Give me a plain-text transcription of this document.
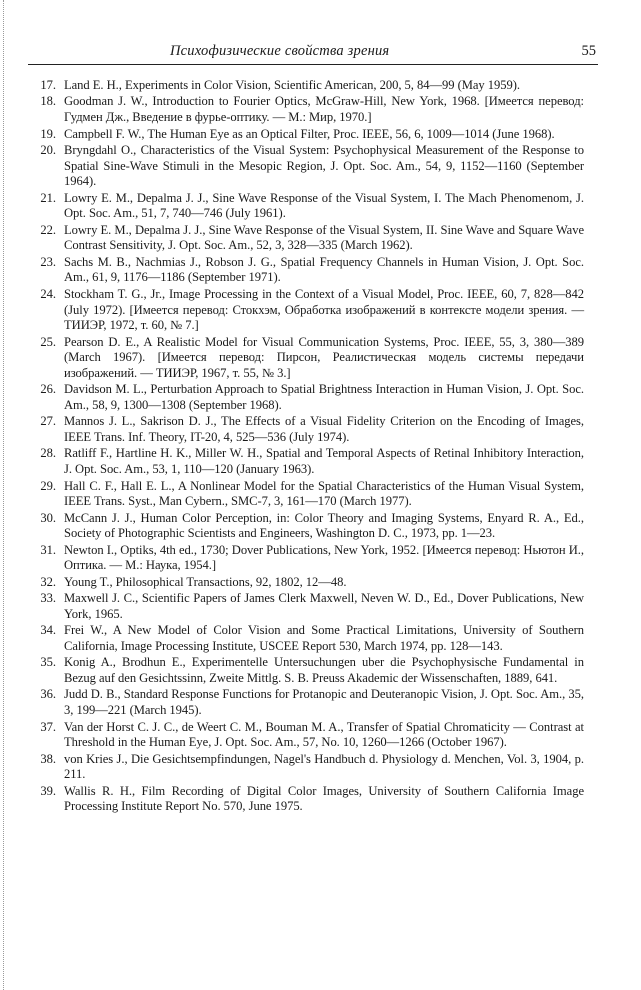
Психофизические свойства зрения	55
17. Land E. H., Experiments in Color Vision, Scientific American, 200, 5, 84—99 (May 1959).
18. Goodman J. W., Introduction to Fourier Optics, McGraw-Hill, New York, 1968. [Имеется перевод: Гудмен Дж., Введение в фурье-оптику. — М.: Мир, 1970.]
19. Campbell F. W., The Human Eye as an Optical Filter, Proc. IEEE, 56, 6, 1009—1014 (June 1968).
20. Bryngdahl O., Characteristics of the Visual System: Psychophysical Measurement of the Response to Spatial Sine-Wave Stimuli in the Mesopic Region, J. Opt. Soc. Am., 54, 9, 1152—1160 (September 1964).
21. Lowry E. M., Depalma J. J., Sine Wave Response of the Visual System, I. The Mach Phenomenom, J. Opt. Soc. Am., 51, 7, 740—746 (July 1961).
22. Lowry E. M., Depalma J. J., Sine Wave Response of the Visual System, II. Sine Wave and Square Wave Contrast Sensitivity, J. Opt. Soc. Am., 52, 3, 328—335 (March 1962).
23. Sachs M. B., Nachmias J., Robson J. G., Spatial Frequency Channels in Human Vision, J. Opt. Soc. Am., 61, 9, 1176—1186 (September 1971).
24. Stockham T. G., Jr., Image Processing in the Context of a Visual Model, Proc. IEEE, 60, 7, 828—842 (July 1972). [Имеется перевод: Стокхэм, Обработка изображений в контексте модели зрения. — ТИИЭР, 1972, т. 60, № 7.]
25. Pearson D. E., A Realistic Model for Visual Communication Systems, Proc. IEEE, 55, 3, 380—389 (March 1967). [Имеется перевод: Пирсон, Реалистическая модель системы передачи изображений. — ТИИЭР, 1967, т. 55, № 3.]
26. Davidson M. L., Perturbation Approach to Spatial Brightness Interaction in Human Vision, J. Opt. Soc. Am., 58, 9, 1300—1308 (September 1968).
27. Mannos J. L., Sakrison D. J., The Effects of a Visual Fidelity Criterion on the Encoding of Images, IEEE Trans. Inf. Theory, IT-20, 4, 525—536 (July 1974).
28. Ratliff F., Hartline H. K., Miller W. H., Spatial and Temporal Aspects of Retinal Inhibitory Interaction, J. Opt. Soc. Am., 53, 1, 110—120 (January 1963).
29. Hall C. F., Hall E. L., A Nonlinear Model for the Spatial Characteristics of the Human Visual System, IEEE Trans. Syst., Man Cybern., SMC-7, 3, 161—170 (March 1977).
30. McCann J. J., Human Color Perception, in: Color Theory and Imaging Systems, Enyard R. A., Ed., Society of Photographic Scientists and Engineers, Washington D. C., 1973, pp. 1—23.
31. Newton I., Optiks, 4th ed., 1730; Dover Publications, New York, 1952. [Имеется перевод: Ньютон И., Оптика. — М.: Наука, 1954.]
32. Young T., Philosophical Transactions, 92, 1802, 12—48.
33. Maxwell J. C., Scientific Papers of James Clerk Maxwell, Neven W. D., Ed., Dover Publications, New York, 1965.
34. Frei W., A New Model of Color Vision and Some Practical Limitations, University of Southern California, Image Processing Institute, USCEE Report 530, March 1974, pp. 128—143.
35. Konig A., Brodhun E., Experimentelle Untersuchungen uber die Psychophysische Fundamental in Bezug auf den Gesichtssinn, Zweite Mittlg. S. B. Preuss Akademic der Wissenschaften, 1889, 641.
36. Judd D. B., Standard Response Functions for Protanopic and Deuteranopic Vision, J. Opt. Soc. Am., 35, 3, 199—221 (March 1945).
37. Van der Horst C. J. C., de Weert C. M., Bouman M. A., Transfer of Spatial Chromaticity — Contrast at Threshold in the Human Eye, J. Opt. Soc. Am., 57, No. 10, 1260—1266 (October 1967).
38. von Kries J., Die Gesichtsempfindungen, Nagel's Handbuch d. Physiology d. Menchen, Vol. 3, 1904, p. 211.
39. Wallis R. H., Film Recording of Digital Color Images, University of Southern California Image Processing Institute Report No. 570, June 1975.
